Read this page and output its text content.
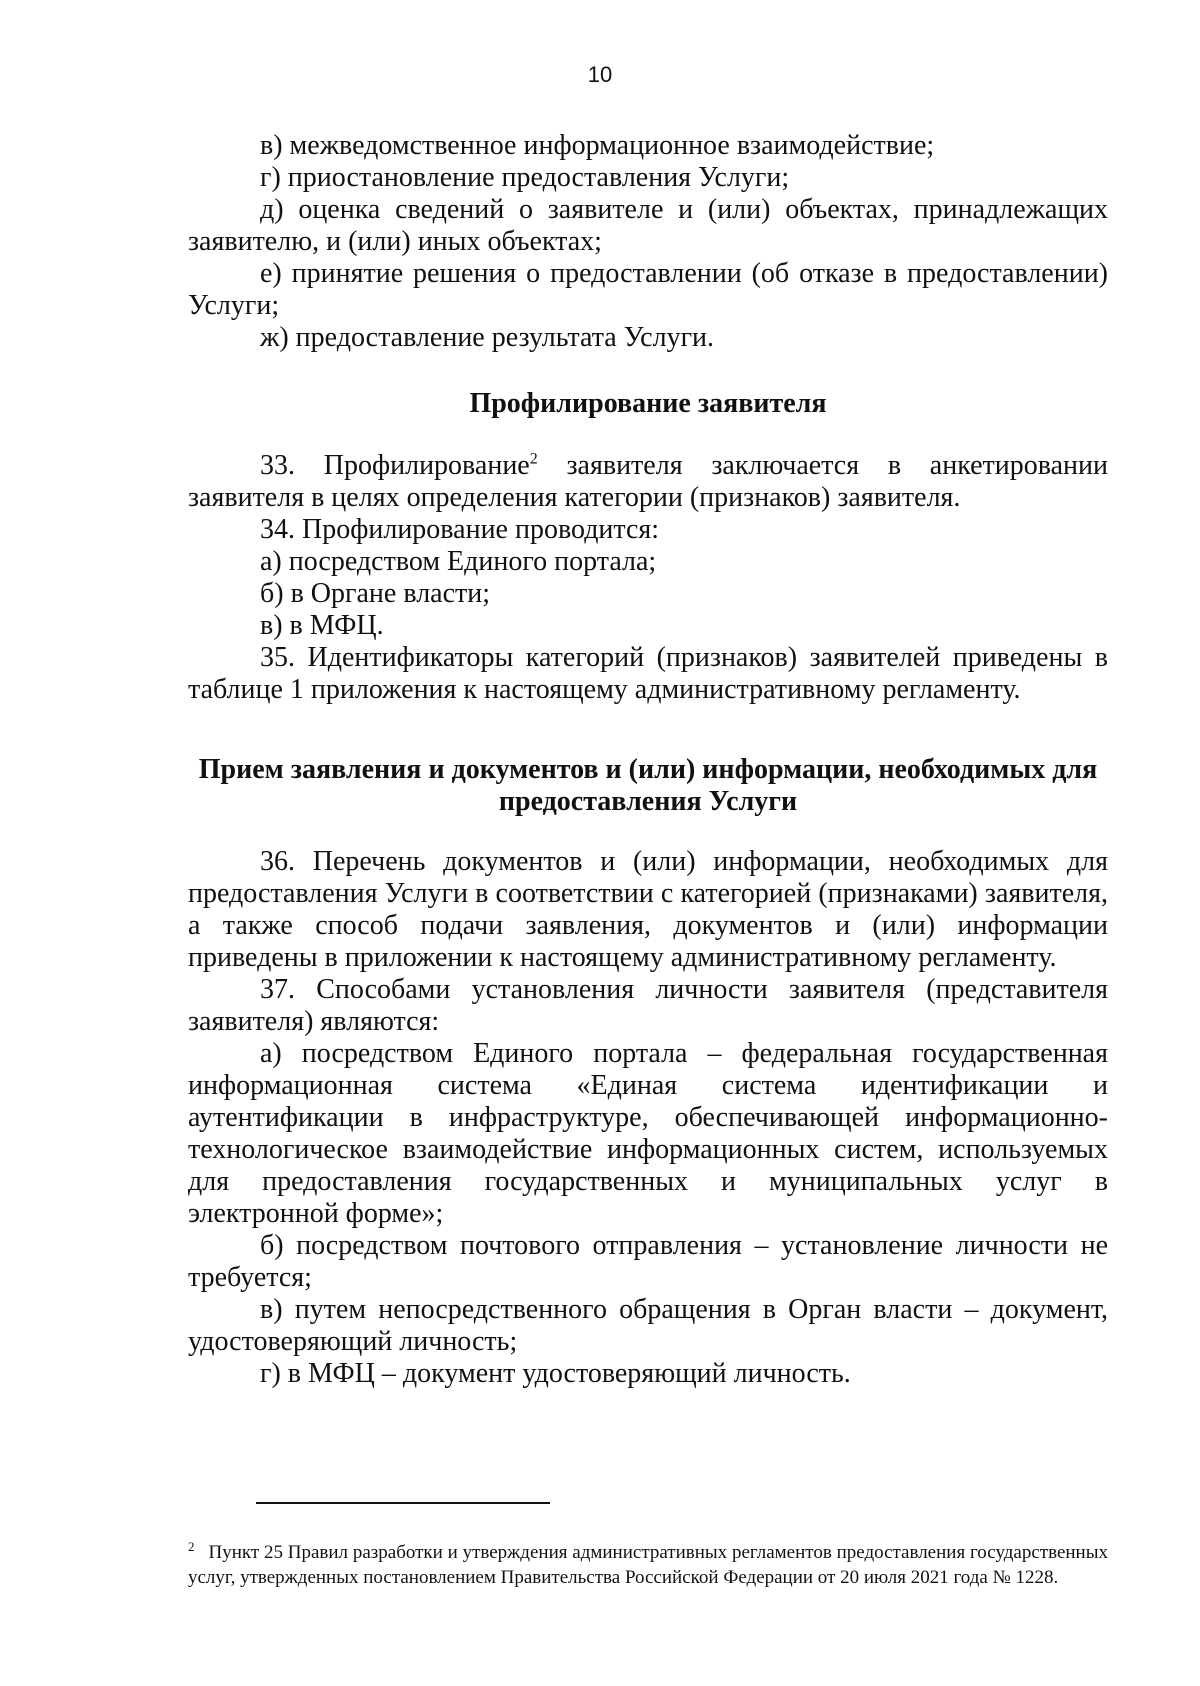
10

в) межведомственное информационное взаимодействие;

г) приостановление предоставления Услуги;

д) оценка сведений о заявителе и (или) объектах, принадлежащих заявителю, и (или) иных объектах;

е) принятие решения о предоставлении (об отказе в предоставлении) Услуги;

ж) предоставление результата Услуги.

Профилирование заявителя

33. Профилирование$^2$ заявителя заключается в анкетировании заявителя в целях определения категории (признаков) заявителя.

34. Профилирование проводится:

а) посредством Единого портала;

б) в Органе власти;

в) в МФЦ.

35. Идентификаторы категорий (признаков) заявителей приведены в таблице 1 приложения к настоящему административному регламенту.

Прием заявления и документов и (или) информации, необходимых для
предоставления Услуги

36. Перечень документов и (или) информации, необходимых для предоставления Услуги в соответствии с категорией (признаками) заявителя, а также способ подачи заявления, документов и (или) информации приведены в приложении к настоящему административному регламенту.

37. Способами установления личности заявителя (представителя заявителя) являются:

а) посредством Единого портала – федеральная государственная информационная система «Единая система идентификации и аутентификации в инфраструктуре, обеспечивающей информационно-технологическое взаимодействие информационных систем, используемых для предоставления государственных и муниципальных услуг в электронной форме»;

б) посредством почтового отправления – установление личности не требуется;

в) путем непосредственного обращения в Орган власти – документ, удостоверяющий личность;

г) в МФЦ – документ удостоверяющий личность.

$^2$ Пункт 25 Правил разработки и утверждения административных регламентов предоставления государственных услуг, утвержденных постановлением Правительства Российской Федерации от 20 июля 2021 года № 1228.
